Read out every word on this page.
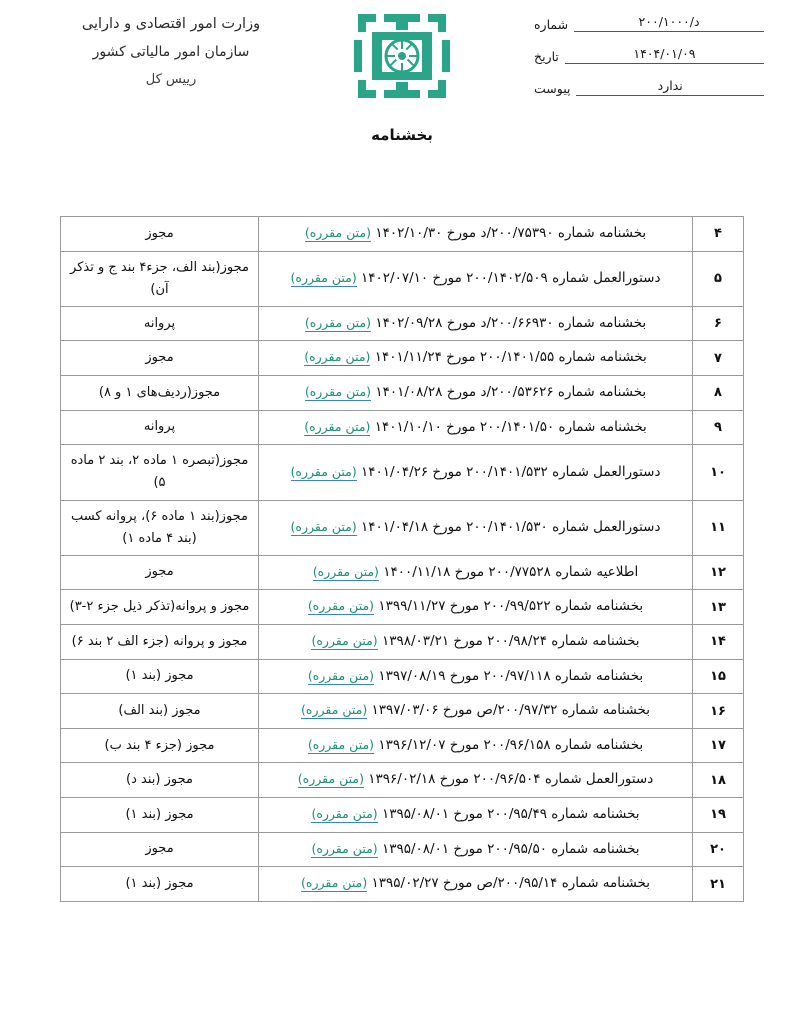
د/۲۰۰/۱۰۰۰
شماره
۱۴۰۴/۰۱/۰۹
تاریخ
ندارد
پیوست
وزارت امور اقتصادی و دارایی
سازمان امور مالیاتی کشور
رییس کل
بخشنامه
۴	بخشنامه شماره ۲۰۰/۷۵۳۹۰/د مورخ ۱۴۰۲/۱۰/۳۰ (متن مقرره)	مجوز
۵	دستورالعمل شماره ۲۰۰/۱۴۰۲/۵۰۹ مورخ ۱۴۰۲/۰۷/۱۰ (متن مقرره)	مجوز(بند الف، جزء۴ بند ج و تذکر آن)
۶	بخشنامه شماره ۲۰۰/۶۶۹۳۰/د مورخ ۱۴۰۲/۰۹/۲۸ (متن مقرره)	پروانه
۷	بخشنامه شماره ۲۰۰/۱۴۰۱/۵۵ مورخ ۱۴۰۱/۱۱/۲۴ (متن مقرره)	مجوز
۸	بخشنامه شماره ۲۰۰/۵۳۶۲۶/د مورخ ۱۴۰۱/۰۸/۲۸ (متن مقرره)	مجوز(ردیف‌های ۱ و ۸)
۹	بخشنامه شماره ۲۰۰/۱۴۰۱/۵۰ مورخ ۱۴۰۱/۱۰/۱۰ (متن مقرره)	پروانه
۱۰	دستورالعمل شماره ۲۰۰/۱۴۰۱/۵۳۲ مورخ ۱۴۰۱/۰۴/۲۶ (متن مقرره)	مجوز(تبصره ۱ ماده ۲، بند ۲ ماده ۵)
۱۱	دستورالعمل شماره ۲۰۰/۱۴۰۱/۵۳۰ مورخ ۱۴۰۱/۰۴/۱۸ (متن مقرره)	مجوز(بند ۱ ماده ۶)، پروانه کسب (بند ۴ ماده ۱)
۱۲	اطلاعیه شماره ۲۰۰/۷۷۵۲۸ مورخ ۱۴۰۰/۱۱/۱۸ (متن مقرره)	مجوز
۱۳	بخشنامه شماره ۲۰۰/۹۹/۵۲۲ مورخ ۱۳۹۹/۱۱/۲۷ (متن مقرره)	مجوز و پروانه(تذکر ذیل جزء ۲-۳)
۱۴	بخشنامه شماره ۲۰۰/۹۸/۲۴ مورخ ۱۳۹۸/۰۳/۲۱ (متن مقرره)	مجوز و پروانه (جزء الف ۲ بند ۶)
۱۵	بخشنامه شماره ۲۰۰/۹۷/۱۱۸ مورخ ۱۳۹۷/۰۸/۱۹ (متن مقرره)	مجوز (بند ۱)
۱۶	بخشنامه شماره ۲۰۰/۹۷/۳۲/ص مورخ ۱۳۹۷/۰۳/۰۶ (متن مقرره)	مجوز (بند الف)
۱۷	بخشنامه شماره ۲۰۰/۹۶/۱۵۸ مورخ ۱۳۹۶/۱۲/۰۷ (متن مقرره)	مجوز (جزء ۴ بند ب)
۱۸	دستورالعمل شماره ۲۰۰/۹۶/۵۰۴ مورخ ۱۳۹۶/۰۲/۱۸ (متن مقرره)	مجوز (بند د)
۱۹	بخشنامه شماره ۲۰۰/۹۵/۴۹ مورخ ۱۳۹۵/۰۸/۰۱ (متن مقرره)	مجوز (بند ۱)
۲۰	بخشنامه شماره ۲۰۰/۹۵/۵۰ مورخ ۱۳۹۵/۰۸/۰۱ (متن مقرره)	مجوز
۲۱	بخشنامه شماره ۲۰۰/۹۵/۱۴/ص مورخ ۱۳۹۵/۰۲/۲۷ (متن مقرره)	مجوز (بند ۱)
